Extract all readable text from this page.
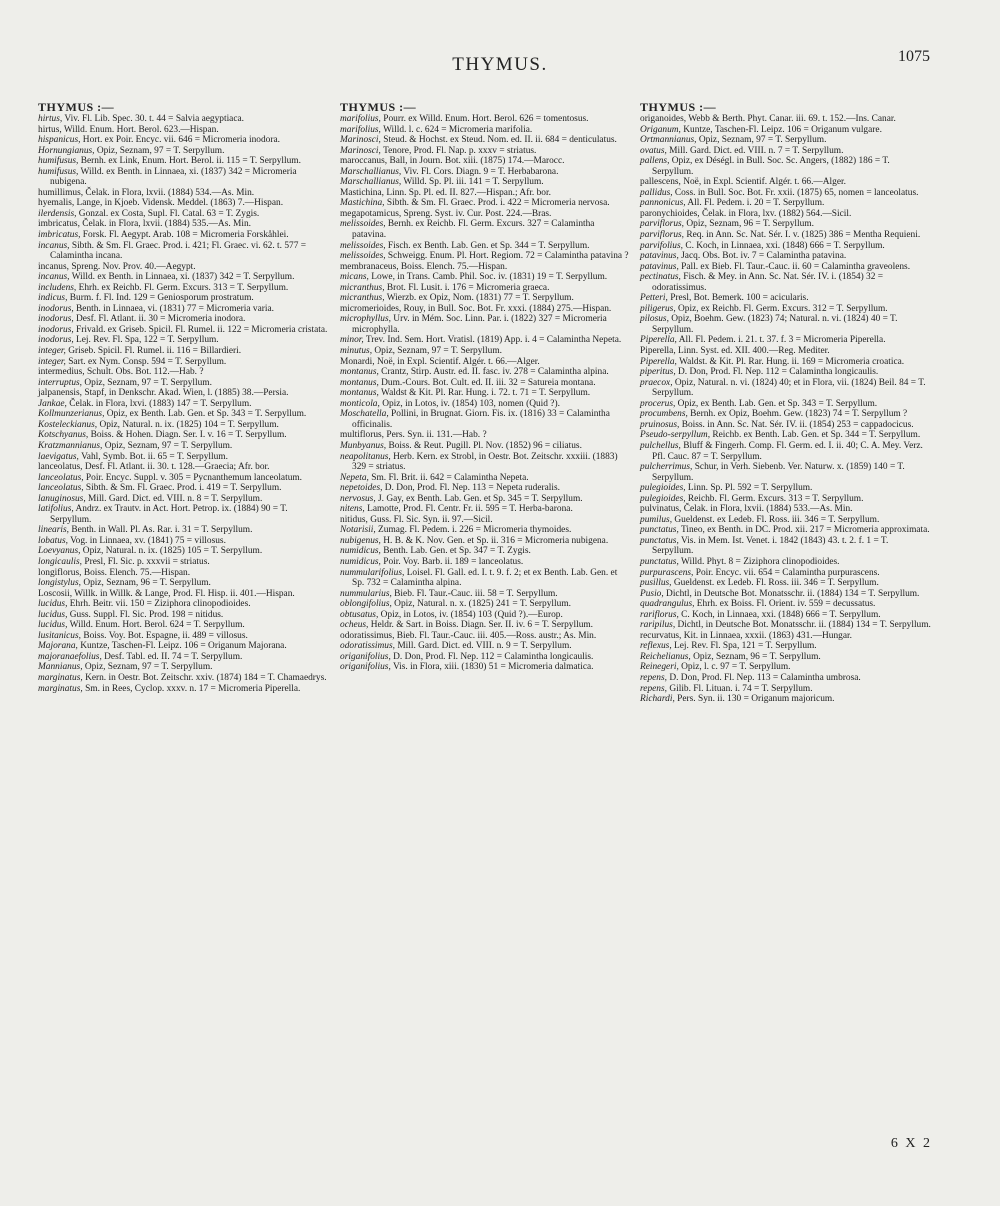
THYMUS.	1075
THYMUS :—

hirtus, Viv. Fl. Lib. Spec. 30. t. 44 = Salvia aegyptiaca.

hirtus, Willd. Enum. Hort. Berol. 623.—Hispan.

hispanicus, Hort. ex Poir. Encyc. vii. 646 = Micromeria inodora.

Hornungianus, Opiz, Seznam, 97 = T. Serpyllum.

humifusus, Bernh. ex Link, Enum. Hort. Berol. ii. 115 = T. Serpyllum.

humifusus, Willd. ex Benth. in Linnaea, xi. (1837) 342 = Micromeria nubigena.

humillimus, Čelak. in Flora, lxvii. (1884) 534.—As. Min.

hyemalis, Lange, in Kjoeb. Vidensk. Meddel. (1863) 7.—Hispan.

ilerdensis, Gonzal. ex Costa, Supl. Fl. Catal. 63 = T. Zygis.

imbricatus, Čelak. in Flora, lxvii. (1884) 535.—As. Min.

imbricatus, Forsk. Fl. Aegypt. Arab. 108 = Micromeria Forskåhlei.

incanus, Sibth. & Sm. Fl. Graec. Prod. i. 421; Fl. Graec. vi. 62. t. 577 = Calamintha incana.

incanus, Spreng. Nov. Prov. 40.—Aegypt.

incanus, Willd. ex Benth. in Linnaea, xi. (1837) 342 = T. Serpyllum.

includens, Ehrh. ex Reichb. Fl. Germ. Excurs. 313 = T. Serpyllum.

indicus, Burm. f. Fl. Ind. 129 = Geniosporum prostratum.

inodorus, Benth. in Linnaea, vi. (1831) 77 = Micromeria varia.

inodorus, Desf. Fl. Atlant. ii. 30 = Micromeria inodora.

inodorus, Frivald. ex Griseb. Spicil. Fl. Rumel. ii. 122 = Micromeria cristata.

inodorus, Lej. Rev. Fl. Spa, 122 = T. Serpyllum.

integer, Griseb. Spicil. Fl. Rumel. ii. 116 = Billardieri.

integer, Sart. ex Nym. Consp. 594 = T. Serpyllum.

intermedius, Schult. Obs. Bot. 112.—Hab. ?

interruptus, Opiz, Seznam, 97 = T. Serpyllum.

jalpanensis, Stapf, in Denkschr. Akad. Wien, l. (1885) 38.—Persia.

Jankae, Čelak. in Flora, lxvi. (1883) 147 = T. Serpyllum.

Kollmunzerianus, Opiz, ex Benth. Lab. Gen. et Sp. 343 = T. Serpyllum.

Kosteleckianus, Opiz, Natural. n. ix. (1825) 104 = T. Serpyllum.

Kotschyanus, Boiss. & Hohen. Diagn. Ser. I. v. 16 = T. Serpyllum.

Kratzmannianus, Opiz, Seznam, 97 = T. Serpyllum.

laevigatus, Vahl, Symb. Bot. ii. 65 = T. Serpyllum.

lanceolatus, Desf. Fl. Atlant. ii. 30. t. 128.—Graecia; Afr. bor.

lanceolatus, Poir. Encyc. Suppl. v. 305 = Pycnanthemum lanceolatum.

lanceolatus, Sibth. & Sm. Fl. Graec. Prod. i. 419 = T. Serpyllum.

lanuginosus, Mill. Gard. Dict. ed. VIII. n. 8 = T. Serpyllum.

latifolius, Andrz. ex Trautv. in Act. Hort. Petrop. ix. (1884) 90 = T. Serpyllum.

linearis, Benth. in Wall. Pl. As. Rar. i. 31 = T. Serpyllum.

lobatus, Vog. in Linnaea, xv. (1841) 75 = villosus.

Loevyanus, Opiz, Natural. n. ix. (1825) 105 = T. Serpyllum.

longicaulis, Presl, Fl. Sic. p. xxxvii = striatus.

longiflorus, Boiss. Elench. 75.—Hispan.

longistylus, Opiz, Seznam, 96 = T. Serpyllum.

Loscosii, Willk. in Willk. & Lange, Prod. Fl. Hisp. ii. 401.—Hispan.

lucidus, Ehrh. Beitr. vii. 150 = Ziziphora clinopodioides.

lucidus, Guss. Suppl. Fl. Sic. Prod. 198 = nitidus.

lucidus, Willd. Enum. Hort. Berol. 624 = T. Serpyllum.

lusitanicus, Boiss. Voy. Bot. Espagne, ii. 489 = villosus.

Majorana, Kuntze, Taschen-Fl. Leipz. 106 = Origanum Majorana.

majoranaefolius, Desf. Tabl. ed. II. 74 = T. Serpyllum.

Mannianus, Opiz, Seznam, 97 = T. Serpyllum.

marginatus, Kern. in Oestr. Bot. Zeitschr. xxiv. (1874) 184 = T. Chamaedrys.

marginatus, Sm. in Rees, Cyclop. xxxv. n. 17 = Micromeria Piperella.

THYMUS :—

marifolius, Pourr. ex Willd. Enum. Hort. Berol. 626 = tomentosus.

marifolius, Willd. l. c. 624 = Micromeria marifolia.

Marinosci, Steud. & Hochst. ex Steud. Nom. ed. II. ii. 684 = denticulatus.

Marinosci, Tenore, Prod. Fl. Nap. p. xxxv = striatus.

maroccanus, Ball, in Journ. Bot. xiii. (1875) 174.—Marocc.

Marschallianus, Viv. Fl. Cors. Diagn. 9 = T. Herbabarona.

Marschallianus, Willd. Sp. Pl. iii. 141 = T. Serpyllum.

Mastichina, Linn. Sp. Pl. ed. II. 827.—Hispan.; Afr. bor.

Mastichina, Sibth. & Sm. Fl. Graec. Prod. i. 422 = Micromeria nervosa.

megapotamicus, Spreng. Syst. iv. Cur. Post. 224.—Bras.

melissoides, Bernh. ex Reichb. Fl. Germ. Excurs. 327 = Calamintha patavina.

melissoides, Fisch. ex Benth. Lab. Gen. et Sp. 344 = T. Serpyllum.

melissoides, Schweigg. Enum. Pl. Hort. Regiom. 72 = Calamintha patavina ?

membranaceus, Boiss. Elench. 75.—Hispan.

micans, Lowe, in Trans. Camb. Phil. Soc. iv. (1831) 19 = T. Serpyllum.

micranthus, Brot. Fl. Lusit. i. 176 = Micromeria graeca.

micranthus, Wierzb. ex Opiz, Nom. (1831) 77 = T. Serpyllum.

micromerioides, Rouy, in Bull. Soc. Bot. Fr. xxxi. (1884) 275.—Hispan.

microphyllus, Urv. in Mém. Soc. Linn. Par. i. (1822) 327 = Micromeria microphylla.

minor, Trev. Ind. Sem. Hort. Vratisl. (1819) App. i. 4 = Calamintha Nepeta.

minutus, Opiz, Seznam, 97 = T. Serpyllum.

Monardi, Noë, in Expl. Scientif. Algér. t. 66.—Alger.

montanus, Crantz, Stirp. Austr. ed. II. fasc. iv. 278 = Calamintha alpina.

montanus, Dum.-Cours. Bot. Cult. ed. II. iii. 32 = Satureia montana.

montanus, Waldst & Kit. Pl. Rar. Hung. i. 72. t. 71 = T. Serpyllum.

monticola, Opiz, in Lotos, iv. (1854) 103, nomen (Quid ?).

Moschatella, Pollini, in Brugnat. Giorn. Fis. ix. (1816) 33 = Calamintha officinalis.

multiflorus, Pers. Syn. ii. 131.—Hab. ?

Munbyanus, Boiss. & Reut. Pugill. Pl. Nov. (1852) 96 = ciliatus.

neapolitanus, Herb. Kern. ex Strobl, in Oestr. Bot. Zeitschr. xxxiii. (1883) 329 = striatus.

Nepeta, Sm. Fl. Brit. ii. 642 = Calamintha Nepeta.

nepetoides, D. Don, Prod. Fl. Nep. 113 = Nepeta ruderalis.

nervosus, J. Gay, ex Benth. Lab. Gen. et Sp. 345 = T. Serpyllum.

nitens, Lamotte, Prod. Fl. Centr. Fr. ii. 595 = T. Herba-barona.

nitidus, Guss. Fl. Sic. Syn. ii. 97.—Sicil.

Notarisii, Zumag. Fl. Pedem. i. 226 = Micromeria thymoides.

nubigenus, H. B. & K. Nov. Gen. et Sp. ii. 316 = Micromeria nubigena.

numidicus, Benth. Lab. Gen. et Sp. 347 = T. Zygis.

numidicus, Poir. Voy. Barb. ii. 189 = lanceolatus.

nummularifolius, Loisel. Fl. Gall. ed. I. t. 9. f. 2; et ex Benth. Lab. Gen. et Sp. 732 = Calamintha alpina.

nummularius, Bieb. Fl. Taur.-Cauc. iii. 58 = T. Serpyllum.

oblongifolius, Opiz, Natural. n. x. (1825) 241 = T. Serpyllum.

obtusatus, Opiz, in Lotos, iv. (1854) 103 (Quid ?).—Europ.

ocheus, Heldr. & Sart. in Boiss. Diagn. Ser. II. iv. 6 = T. Serpyllum.

odoratissimus, Bieb. Fl. Taur.-Cauc. iii. 405.—Ross. austr.; As. Min.

odoratissimus, Mill. Gard. Dict. ed. VIII. n. 9 = T. Serpyllum.

origanifolius, D. Don, Prod. Fl. Nep. 112 = Calamintha longicaulis.

origanifolius, Vis. in Flora, xiii. (1830) 51 = Micromeria dalmatica.

THYMUS :—

origanoides, Webb & Berth. Phyt. Canar. iii. 69. t. 152.—Ins. Canar.

Origanum, Kuntze, Taschen-Fl. Leipz. 106 = Origanum vulgare.

Ortmannianus, Opiz, Seznam, 97 = T. Serpyllum.

ovatus, Mill. Gard. Dict. ed. VIII. n. 7 = T. Serpyllum.

pallens, Opiz, ex Déségl. in Bull. Soc. Sc. Angers, (1882) 186 = T. Serpyllum.

pallescens, Noë, in Expl. Scientif. Algér. t. 66.—Alger.

pallidus, Coss. in Bull. Soc. Bot. Fr. xxii. (1875) 65, nomen = lanceolatus.

pannonicus, All. Fl. Pedem. i. 20 = T. Serpyllum.

paronychioides, Čelak. in Flora, lxv. (1882) 564.—Sicil.

parviflorus, Opiz, Seznam, 96 = T. Serpyllum.

parviflorus, Req. in Ann. Sc. Nat. Sér. I. v. (1825) 386 = Mentha Requieni.

parvifolius, C. Koch, in Linnaea, xxi. (1848) 666 = T. Serpyllum.

patavinus, Jacq. Obs. Bot. iv. 7 = Calamintha patavina.

patavinus, Pall. ex Bieb. Fl. Taur.-Cauc. ii. 60 = Calamintha graveolens.

pectinatus, Fisch. & Mey. in Ann. Sc. Nat. Sér. IV. i. (1854) 32 = odoratissimus.

Petteri, Presl, Bot. Bemerk. 100 = acicularis.

piligerus, Opiz, ex Reichb. Fl. Germ. Excurs. 312 = T. Serpyllum.

pilosus, Opiz, Boehm. Gew. (1823) 74; Natural. n. vi. (1824) 40 = T. Serpyllum.

Piperella, All. Fl. Pedem. i. 21. t. 37. f. 3 = Micromeria Piperella.

Piperella, Linn. Syst. ed. XII. 400.—Reg. Mediter.

Piperella, Waldst. & Kit. Pl. Rar. Hung. ii. 169 = Micromeria croatica.

piperitus, D. Don, Prod. Fl. Nep. 112 = Calamintha longicaulis.

praecox, Opiz, Natural. n. vi. (1824) 40; et in Flora, vii. (1824) Beil. 84 = T. Serpyllum.

procerus, Opiz, ex Benth. Lab. Gen. et Sp. 343 = T. Serpyllum.

procumbens, Bernh. ex Opiz, Boehm. Gew. (1823) 74 = T. Serpyllum ?

pruinosus, Boiss. in Ann. Sc. Nat. Sér. IV. ii. (1854) 253 = cappadocicus.

Pseudo-serpyllum, Reichb. ex Benth. Lab. Gen. et Sp. 344 = T. Serpyllum.

pulchellus, Bluff & Fingerh. Comp. Fl. Germ. ed. I. ii. 40; C. A. Mey. Verz. Pfl. Cauc. 87 = T. Serpyllum.

pulcherrimus, Schur, in Verh. Siebenb. Ver. Naturw. x. (1859) 140 = T. Serpyllum.

pulegioides, Linn. Sp. Pl. 592 = T. Serpyllum.

pulegioides, Reichb. Fl. Germ. Excurs. 313 = T. Serpyllum.

pulvinatus, Čelak. in Flora, lxvii. (1884) 533.—As. Min.

pumilus, Gueldenst. ex Ledeb. Fl. Ross. iii. 346 = T. Serpyllum.

punctatus, Tineo, ex Benth. in DC. Prod. xii. 217 = Micromeria approximata.

punctatus, Vis. in Mem. Ist. Venet. i. 1842 (1843) 43. t. 2. f. 1 = T. Serpyllum.

punctatus, Willd. Phyt. 8 = Ziziphora clinopodioides.

purpurascens, Poir. Encyc. vii. 654 = Calamintha purpurascens.

pusillus, Gueldenst. ex Ledeb. Fl. Ross. iii. 346 = T. Serpyllum.

Pusio, Dichtl, in Deutsche Bot. Monatsschr. ii. (1884) 134 = T. Serpyllum.

quadrangulus, Ehrh. ex Boiss. Fl. Orient. iv. 559 = decussatus.

rariflorus, C. Koch, in Linnaea, xxi. (1848) 666 = T. Serpyllum.

raripilus, Dichtl, in Deutsche Bot. Monatsschr. ii. (1884) 134 = T. Serpyllum.

recurvatus, Kit. in Linnaea, xxxii. (1863) 431.—Hungar.

reflexus, Lej. Rev. Fl. Spa, 121 = T. Serpyllum.

Reichelianus, Opiz, Seznam, 96 = T. Serpyllum.

Reinegeri, Opiz, l. c. 97 = T. Serpyllum.

repens, D. Don, Prod. Fl. Nep. 113 = Calamintha umbrosa.

repens, Gilib. Fl. Lituan. i. 74 = T. Serpyllum.

Richardi, Pers. Syn. ii. 130 = Origanum majoricum.

6 X 2
